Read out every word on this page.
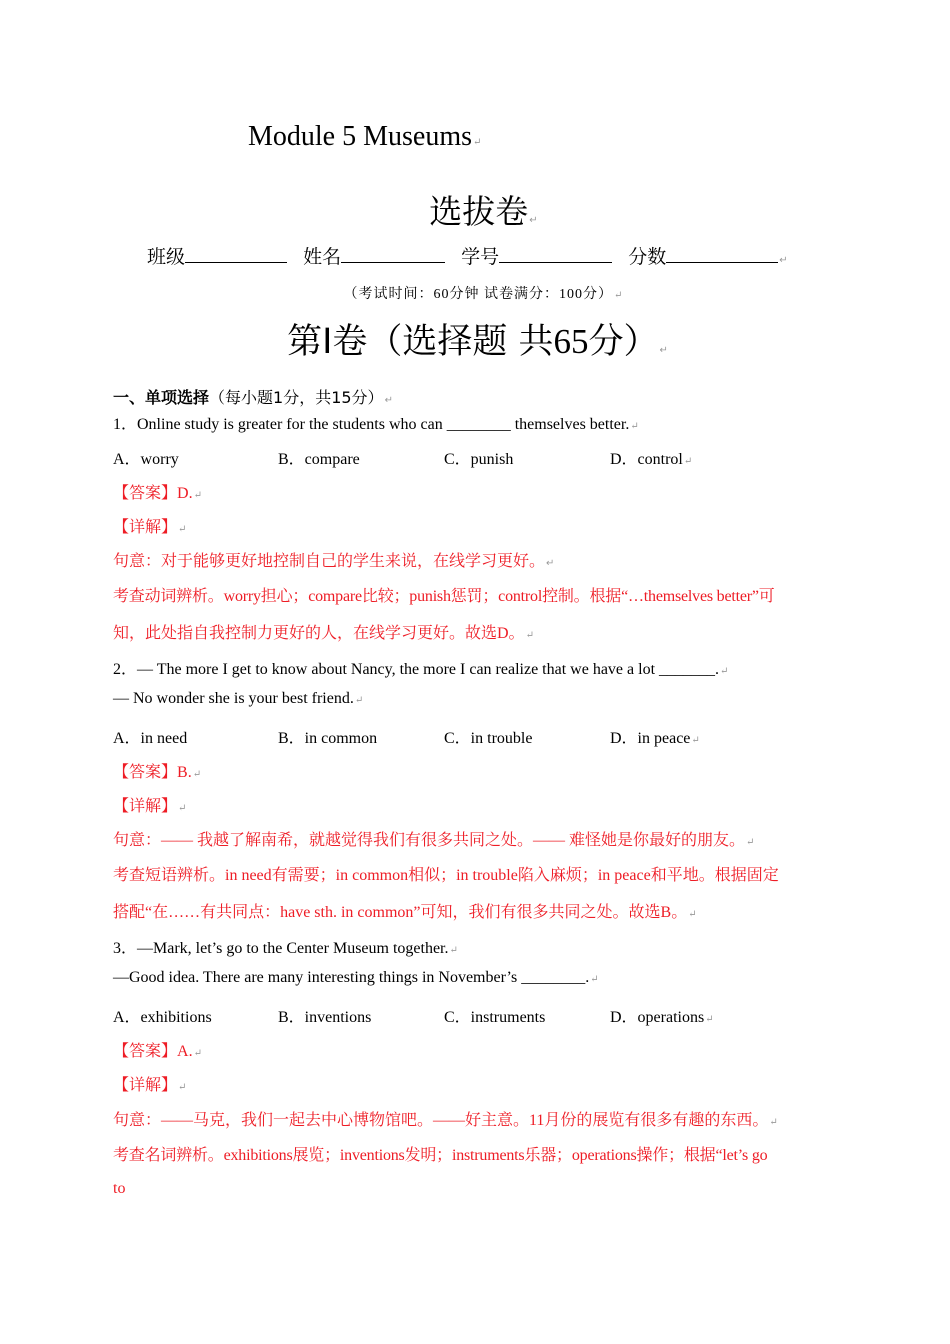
Module 5 Museums↵
选拔卷↵
班级	姓名	学号	分数	↵
（考试时间：60分钟 试卷满分：100分）↵
第I卷（选择题 共65分）↵
一、单项选择（每小题1分，共15分）↵
1．Online study is greater for the students who can ________ themselves better.↵
A．worry	B．compare	C．punish	D．control↵
【答案】D.↵
【详解】↵
句意：对于能够更好地控制自己的学生来说，在线学习更好。↵
考查动词辨析。worry担心；compare比较；punish惩罚；control控制。根据“…themselves better”可
知，此处指自我控制力更好的人，在线学习更好。故选D。↵
2．— The more I get to know about Nancy, the more I can realize that we have a lot _______.↵
— No wonder she is your best friend.↵
A．in need	B．in common	C．in trouble	D．in peace↵
【答案】B.↵
【详解】↵
句意：—— 我越了解南希，就越觉得我们有很多共同之处。—— 难怪她是你最好的朋友。↵
考查短语辨析。in need有需要；in common相似；in trouble陷入麻烦；in peace和平地。根据固定
搭配“在……有共同点：have sth. in common”可知，我们有很多共同之处。故选B。↵
3．—Mark, let’s go to the Center Museum together.↵
—Good idea. There are many interesting things in November’s ________.↵
A．exhibitions	B．inventions	C．instruments	D．operations↵
【答案】A.↵
【详解】↵
句意：——马克，我们一起去中心博物馆吧。——好主意。11月份的展览有很多有趣的东西。↵
考查名词辨析。exhibitions展览；inventions发明；instruments乐器；operations操作；根据“let’s go
to
